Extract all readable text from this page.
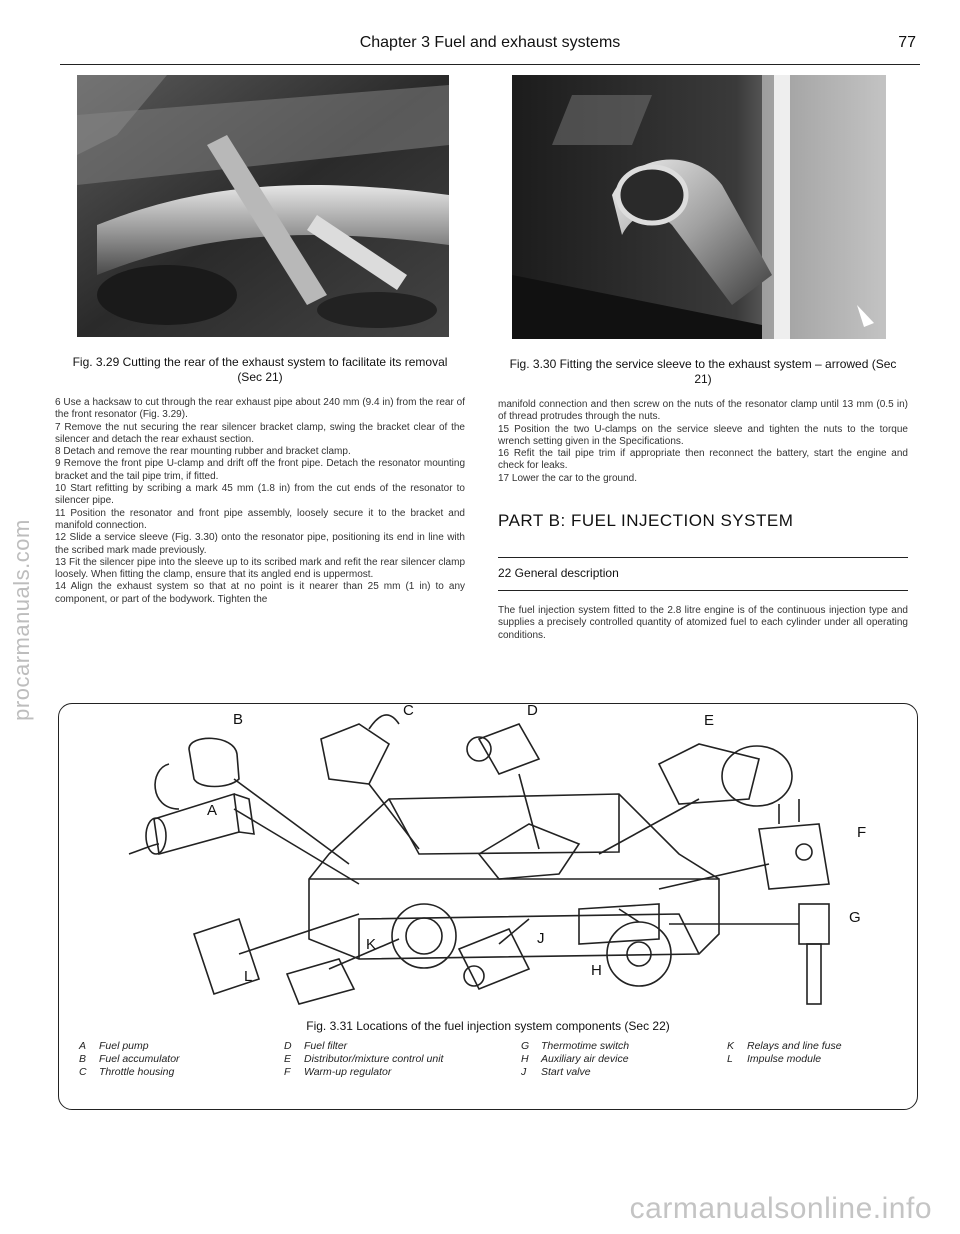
procarmanuals.com
carmanualsonline.info
Chapter 3 Fuel and exhaust systems	77
Fig. 3.29 Cutting the rear of the exhaust system to facilitate its removal (Sec 21)

6 Use a hacksaw to cut through the rear exhaust pipe about 240 mm (9.4 in) from the rear of the front resonator (Fig. 3.29).

7 Remove the nut securing the rear silencer bracket clamp, swing the bracket clear of the silencer and detach the rear exhaust section.

8 Detach and remove the rear mounting rubber and bracket clamp.

9 Remove the front pipe U-clamp and drift off the front pipe. Detach the resonator mounting bracket and the tail pipe trim, if fitted.

10 Start refitting by scribing a mark 45 mm (1.8 in) from the cut ends of the resonator to silencer pipe.

11 Position the resonator and front pipe assembly, loosely secure it to the bracket and manifold connection.

12 Slide a service sleeve (Fig. 3.30) onto the resonator pipe, positioning its end in line with the scribed mark made previously.

13 Fit the silencer pipe into the sleeve up to its scribed mark and refit the rear silencer clamp loosely. When fitting the clamp, ensure that its angled end is uppermost.

14 Align the exhaust system so that at no point is it nearer than 25 mm (1 in) to any component, or part of the bodywork. Tighten the

Fig. 3.30 Fitting the service sleeve to the exhaust system – arrowed (Sec 21)

manifold connection and then screw on the nuts of the resonator clamp until 13 mm (0.5 in) of thread protrudes through the nuts.

15 Position the two U-clamps on the service sleeve and tighten the nuts to the torque wrench setting given in the Specifications.

16 Refit the tail pipe trim if appropriate then reconnect the battery, start the engine and check for leaks.

17 Lower the car to the ground.

PART B: FUEL INJECTION SYSTEM
22 General description
The fuel injection system fitted to the 2.8 litre engine is of the continuous injection type and supplies a precisely controlled quantity of atomized fuel to each cylinder under all operating conditions.
B
C	D
E
A
F
G
H
J
K
L
Fig. 3.31 Locations of the fuel injection system components (Sec 22)
A	Fuel pump
B	Fuel accumulator
C	Throttle housing
D	Fuel filter
E	Distributor/mixture control unit
F	Warm-up regulator
G	Thermotime switch
H	Auxiliary air device
J	Start valve
K	Relays and line fuse
L	Impulse module
